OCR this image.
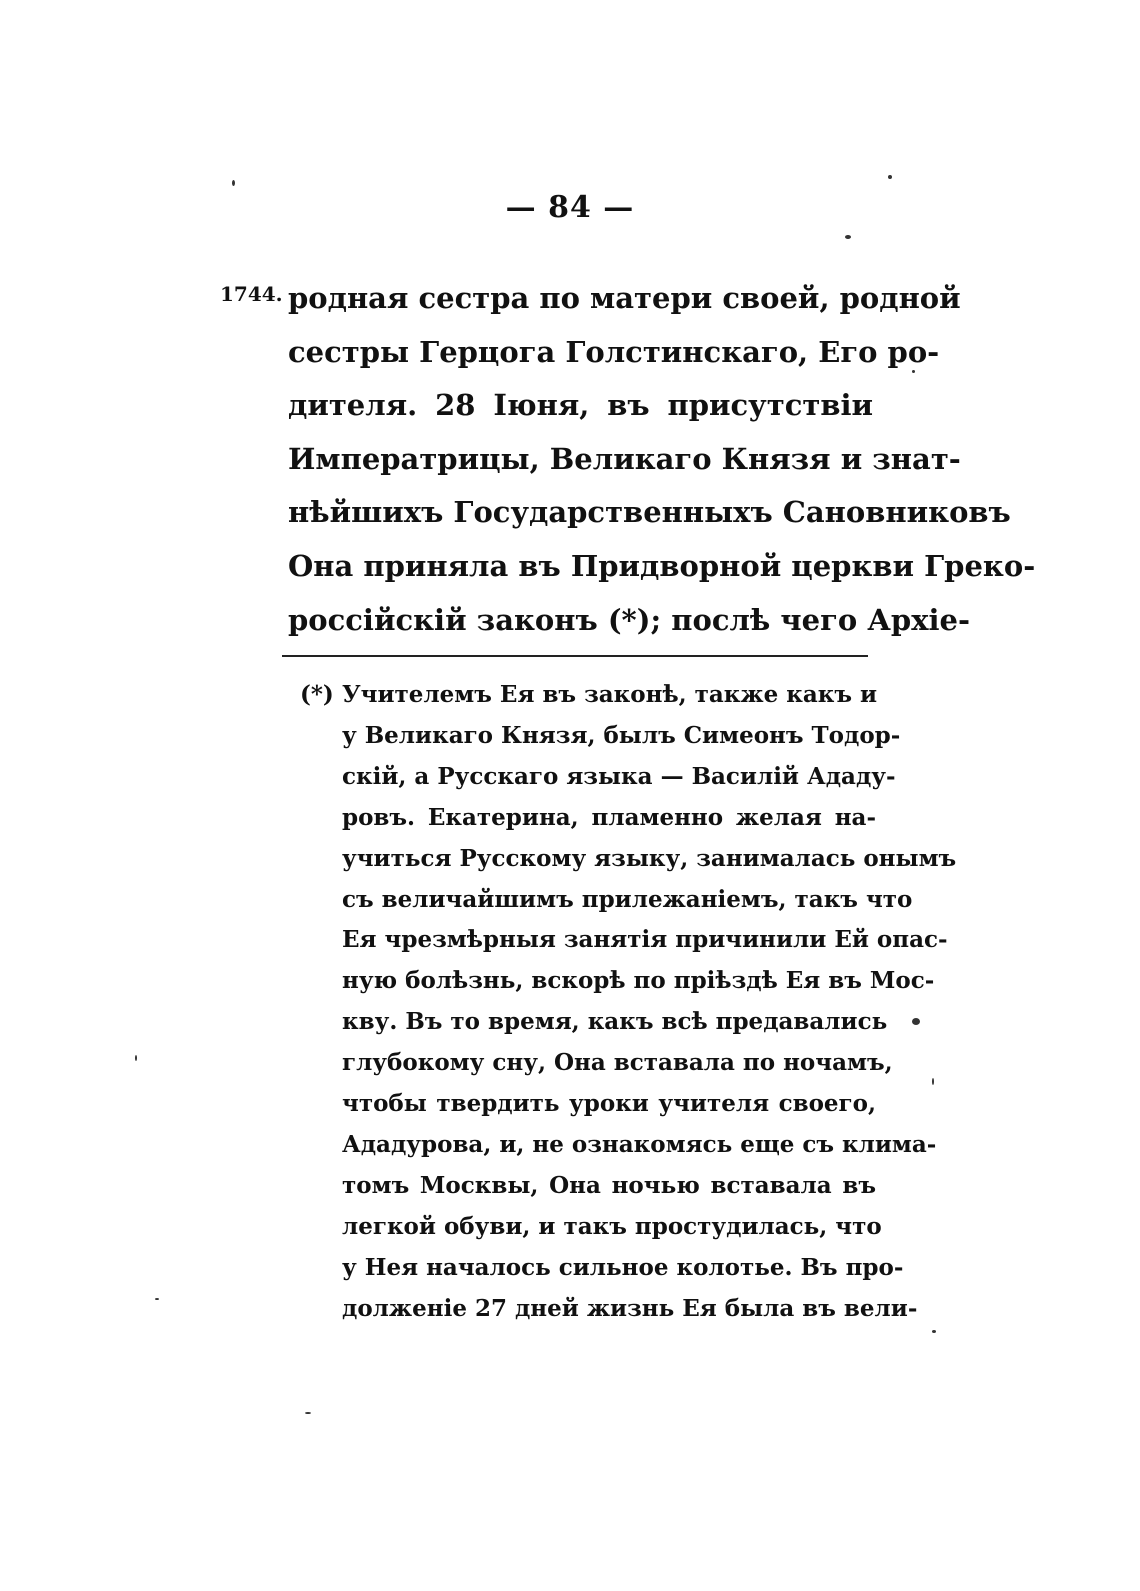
— 84 —
1744. родная сестра по матери своей, родной
сестры Герцога Голстинскаго, Его ро-
дителя. 28 Іюня, въ присутствіи
Императрицы, Великаго Князя и знат-
нѣйшихъ Государственныхъ Сановниковъ
Она приняла въ Придворной церкви Греко-
россійскій законъ (*); послѣ чего Архіе-
(*) Учителемъ Ея въ законѣ, также какъ и
у Великаго Князя, былъ Симеонъ Тодор-
скій, а Русскаго языка — Василій Ададу-
ровъ. Екатерина, пламенно желая на-
учиться Русскому языку, занималась онымъ
съ величайшимъ прилежаніемъ, такъ что
Ея чрезмѣрныя занятія причинили Ей опас-
ную болѣзнь, вскорѣ по пріѣздѣ Ея въ Мос-
кву. Въ то время, какъ всѣ предавались
глубокому сну, Она вставала по ночамъ,
чтобы твердить уроки учителя своего,
Ададурова, и, не ознакомясь еще съ клима-
томъ Москвы, Она ночью вставала въ
легкой обуви, и такъ простудилась, что
у Нея началось сильное колотье. Въ про-
долженіе 27 дней жизнь Ея была въ вели-
